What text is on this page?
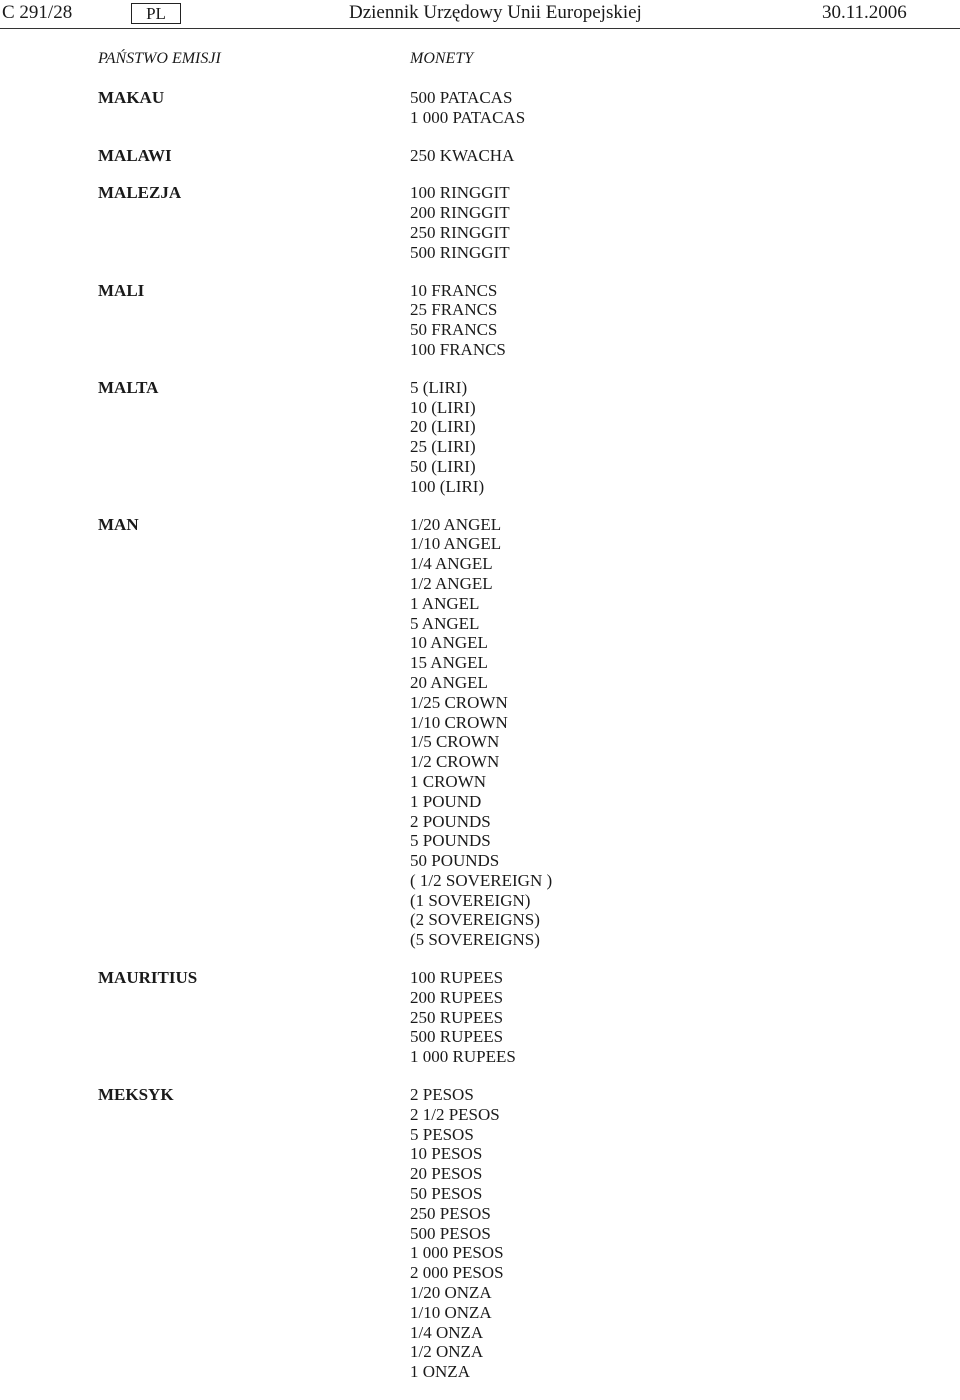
C 291/28	PL	Dziennik Urzędowy Unii Europejskiej	30.11.2006
PAŃSTWO EMISJI	MONETY
MAKAU	500 PATACAS
1 000 PATACAS
MALAWI	250 KWACHA
MALEZJA	100 RINGGIT
200 RINGGIT
250 RINGGIT
500 RINGGIT
MALI	10 FRANCS
25 FRANCS
50 FRANCS
100 FRANCS
MALTA	5 (LIRI)
10 (LIRI)
20 (LIRI)
25 (LIRI)
50 (LIRI)
100 (LIRI)
MAN	1/20 ANGEL
1/10 ANGEL
1/4 ANGEL
1/2 ANGEL
1 ANGEL
5 ANGEL
10 ANGEL
15 ANGEL
20 ANGEL
1/25 CROWN
1/10 CROWN
1/5 CROWN
1/2 CROWN
1 CROWN
1 POUND
2 POUNDS
5 POUNDS
50 POUNDS
( 1/2 SOVEREIGN )
(1 SOVEREIGN)
(2 SOVEREIGNS)
(5 SOVEREIGNS)
MAURITIUS	100 RUPEES
200 RUPEES
250 RUPEES
500 RUPEES
1 000 RUPEES
MEKSYK	2 PESOS
2 1/2 PESOS
5 PESOS
10 PESOS
20 PESOS
50 PESOS
250 PESOS
500 PESOS
1 000 PESOS
2 000 PESOS
1/20 ONZA
1/10 ONZA
1/4 ONZA
1/2 ONZA
1 ONZA
